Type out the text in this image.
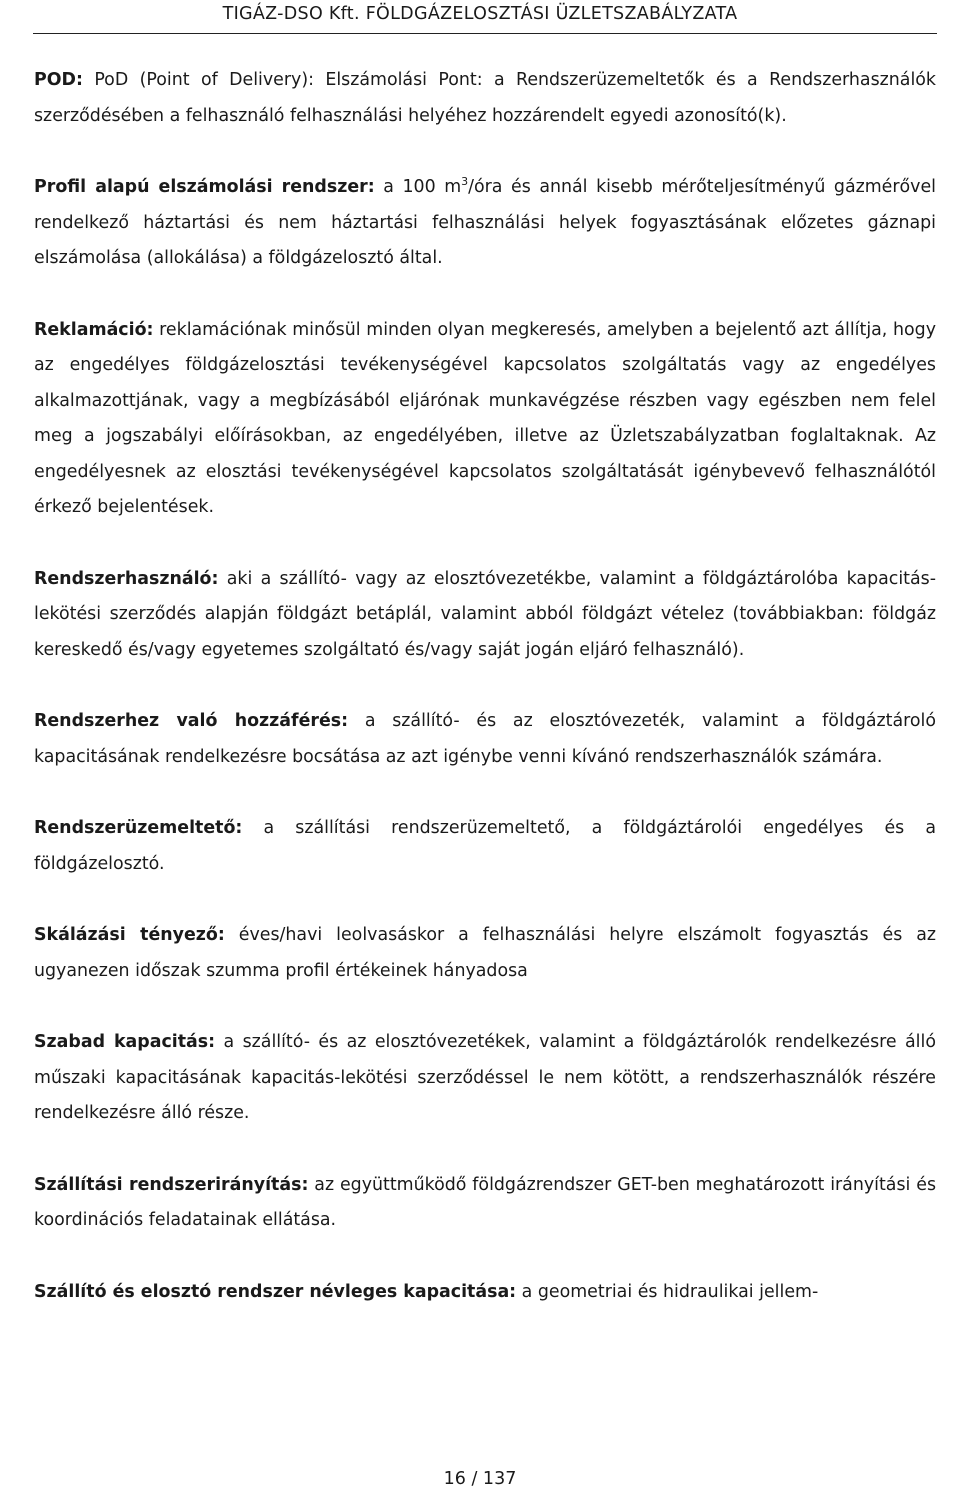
TIGÁZ-DSO Kft. FÖLDGÁZELOSZTÁSI ÜZLETSZABÁLYZATA

POD: PoD (Point of Delivery): Elszámolási Pont: a Rendszerüzemeltetők és a Rendszerhasználók szerződésében a felhasználó felhasználási helyéhez hozzárendelt egyedi azonosító(k).

Profil alapú elszámolási rendszer: a 100 $m^3$/óra és annál kisebb mérőteljesítményű gázmérővel rendelkező háztartási és nem háztartási felhasználási helyek fogyasztásának előzetes gáznapi elszámolása (allokálása) a földgázelosztó által.

Reklamáció: reklamációnak minősül minden olyan megkeresés, amelyben a bejelentő azt állítja, hogy az engedélyes földgázelosztási tevékenységével kapcsolatos szolgáltatás vagy az engedélyes alkalmazottjának, vagy a megbízásából eljárónak munkavégzése részben vagy egészben nem felel meg a jogszabályi előírásokban, az engedélyében, illetve az Üzletszabályzatban foglaltaknak. Az engedélyesnek az elosztási tevékenységével kapcsolatos szolgáltatását igénybevevő felhasználótól érkező bejelentések.

Rendszerhasználó: aki a szállító- vagy az elosztóvezetékbe, valamint a földgáztárolóba kapacitás-lekötési szerződés alapján földgázt betáplál, valamint abból földgázt vételez (továbbiakban: földgáz kereskedő és/vagy egyetemes szolgáltató és/vagy saját jogán eljáró felhasználó).

Rendszerhez való hozzáférés: a szállító- és az elosztóvezeték, valamint a földgáztároló kapacitásának rendelkezésre bocsátása az azt igénybe venni kívánó rendszerhasználók számára.

Rendszerüzemeltető: a szállítási rendszerüzemeltető, a földgáztárolói engedélyes és a földgázelosztó.

Skálázási tényező: éves/havi leolvasáskor a felhasználási helyre elszámolt fogyasztás és az ugyanezen időszak szumma profil értékeinek hányadosa

Szabad kapacitás: a szállító- és az elosztóvezetékek, valamint a földgáztárolók rendelkezésre álló műszaki kapacitásának kapacitás-lekötési szerződéssel le nem kötött, a rendszerhasználók részére rendelkezésre álló része.

Szállítási rendszerirányítás: az együttműködő földgázrendszer GET-ben meghatározott irányítási és koordinációs feladatainak ellátása.

Szállító és elosztó rendszer névleges kapacitása: a geometriai és hidraulikai jellem-

16 / 137
